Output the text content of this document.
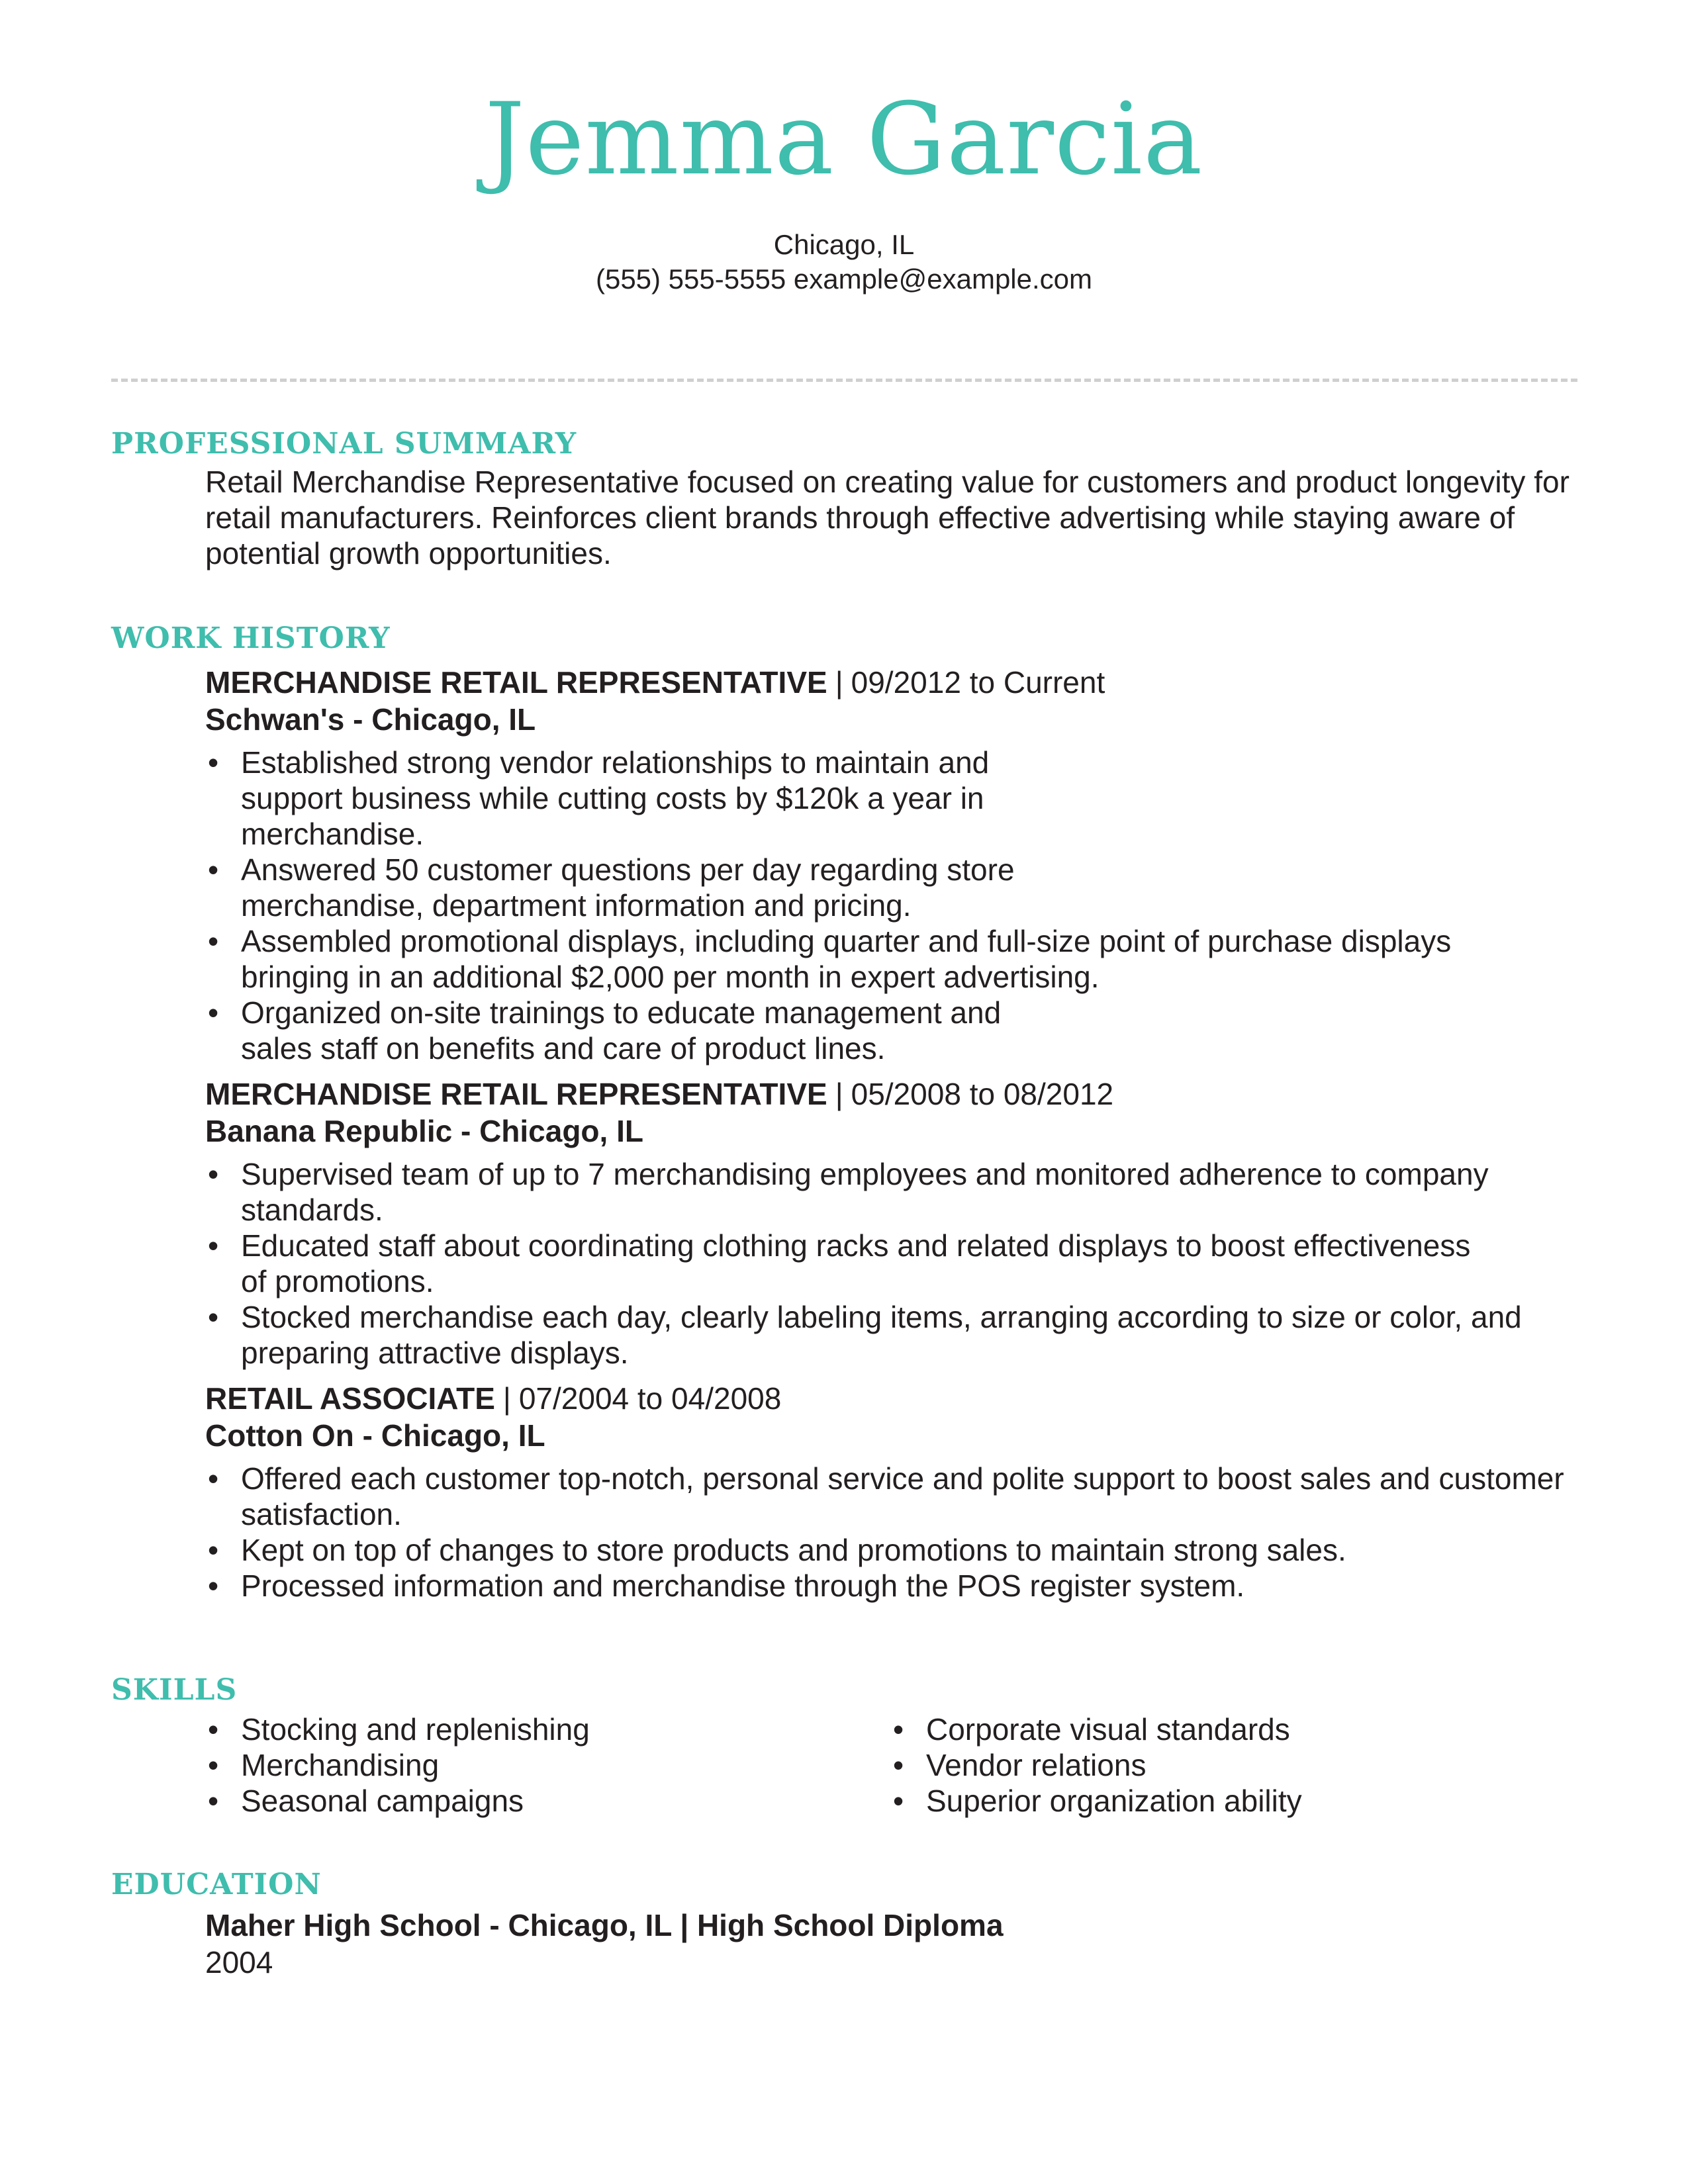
Jemma Garcia
Chicago, IL
(555) 555-5555 example@example.com
PROFESSIONAL SUMMARY

Retail Merchandise Representative focused on creating value for customers and product longevity for retail manufacturers. Reinforces client brands through effective advertising while staying aware of potential growth opportunities.

WORK HISTORY
MERCHANDISE RETAIL REPRESENTATIVE | 09/2012 to Current
Schwan's - Chicago, IL
• Established strong vendor relationships to maintain and support business while cutting costs by $120k a year in merchandise.
• Answered 50 customer questions per day regarding store merchandise, department information and pricing.
• Assembled promotional displays, including quarter and full-size point of purchase displays bringing in an additional $2,000 per month in expert advertising.
• Organized on-site trainings to educate management and sales staff on benefits and care of product lines.
MERCHANDISE RETAIL REPRESENTATIVE | 05/2008 to 08/2012
Banana Republic - Chicago, IL
• Supervised team of up to 7 merchandising employees and monitored adherence to company standards.
• Educated staff about coordinating clothing racks and related displays to boost effectiveness of promotions.
• Stocked merchandise each day, clearly labeling items, arranging according to size or color, and preparing attractive displays.
RETAIL ASSOCIATE | 07/2004 to 04/2008
Cotton On - Chicago, IL
• Offered each customer top-notch, personal service and polite support to boost sales and customer satisfaction.
• Kept on top of changes to store products and promotions to maintain strong sales.
• Processed information and merchandise through the POS register system.
SKILLS
• Stocking and replenishing
• Merchandising
• Seasonal campaigns
• Corporate visual standards
• Vendor relations
• Superior organization ability
EDUCATION
Maher High School - Chicago, IL | High School Diploma
2004
